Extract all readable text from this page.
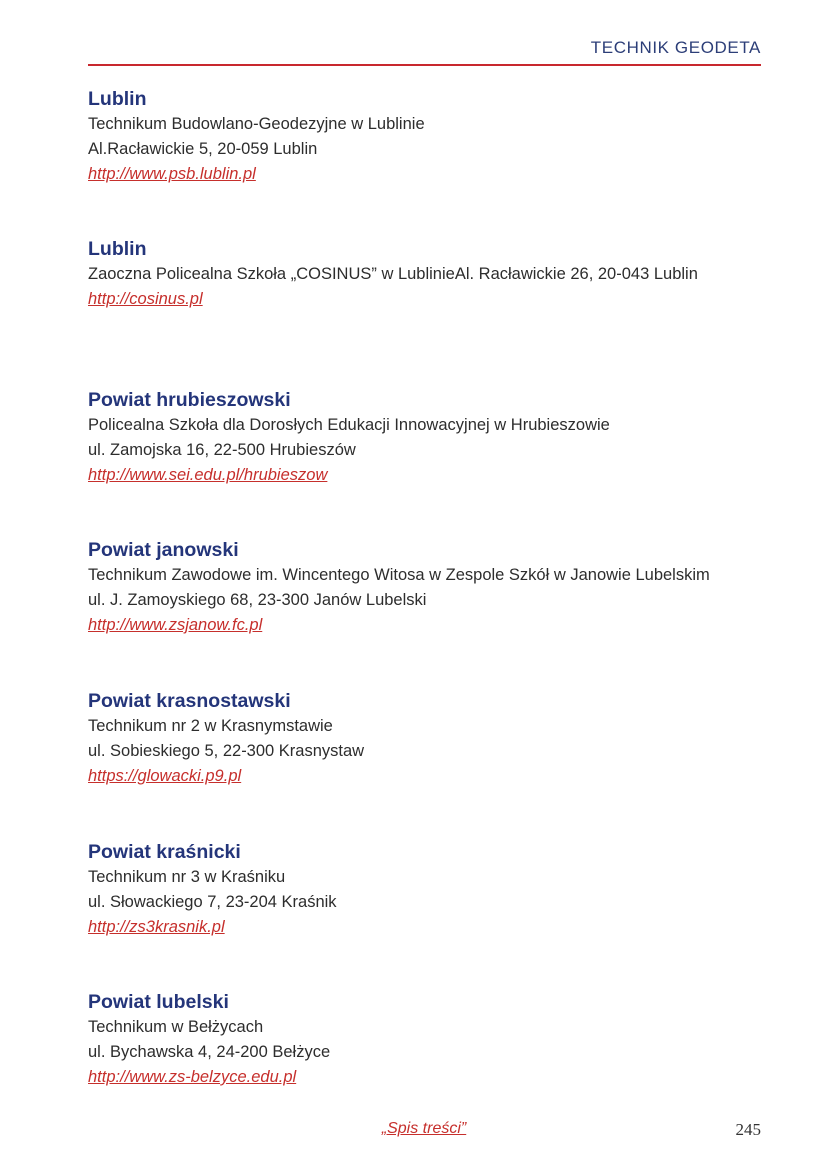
TECHNIK GEODETA
Lublin
Technikum Budowlano-Geodezyjne w Lublinie
Al.Racławickie 5, 20-059 Lublin
http://www.psb.lublin.pl
Lublin
Zaoczna Policealna Szkoła „COSINUS” w LublinieAl. Racławickie 26, 20-043 Lublin
http://cosinus.pl
Powiat hrubieszowski
Policealna Szkoła dla Dorosłych Edukacji Innowacyjnej w Hrubieszowie
ul. Zamojska 16, 22-500 Hrubieszów
http://www.sei.edu.pl/hrubieszow
Powiat janowski
Technikum Zawodowe im. Wincentego Witosa w Zespole Szkół w Janowie Lubelskim
ul. J. Zamoyskiego 68, 23-300 Janów Lubelski
http://www.zsjanow.fc.pl
Powiat krasnostawski
Technikum nr 2 w Krasnymstawie
ul. Sobieskiego 5, 22-300 Krasnystaw
https://glowacki.p9.pl
Powiat kraśnicki
Technikum nr 3 w Kraśniku
ul. Słowackiego 7, 23-204 Kraśnik
http://zs3krasnik.pl
Powiat lubelski
Technikum w Bełżycach
ul. Bychawska 4, 24-200 Bełżyce
http://www.zs-belzyce.edu.pl
„Spis treści”	245
